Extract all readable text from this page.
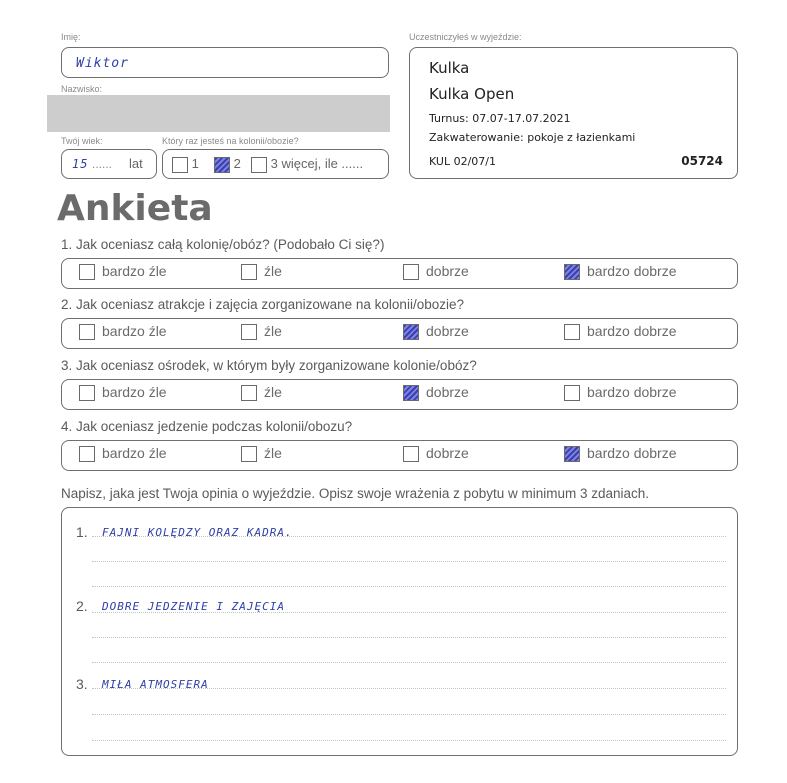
Imię:
Wiktor
Nazwisko:
Twój wiek:	Który raz jesteś na kolonii/obozie?
15 ...... lat	1	2	3 więcej, ile ......
Uczestniczyłeś w wyjeździe:
Kulka
Kulka Open
Turnus: 07.07-17.07.2021
Zakwaterowanie: pokoje z łazienkami
KUL 02/07/1	05724
Ankieta
1. Jak oceniasz całą kolonię/obóz? (Podobało Ci się?)
bardzo źle	źle	dobrze	bardzo dobrze
2. Jak oceniasz atrakcje i zajęcia zorganizowane na kolonii/obozie?
bardzo źle	źle	dobrze	bardzo dobrze
3. Jak oceniasz ośrodek, w którym były zorganizowane kolonie/obóz?
bardzo źle	źle	dobrze	bardzo dobrze
4. Jak oceniasz jedzenie podczas kolonii/obozu?
bardzo źle	źle	dobrze	bardzo dobrze
Napisz, jaka jest Twoja opinia o wyjeździe. Opisz swoje wrażenia z pobytu w minimum 3 zdaniach.
1. FAJNI KOLĘDZY ORAZ KADRA.
2. DOBRE JEDZENIE I ZAJĘCIA
3. MIŁA ATMOSFERA
